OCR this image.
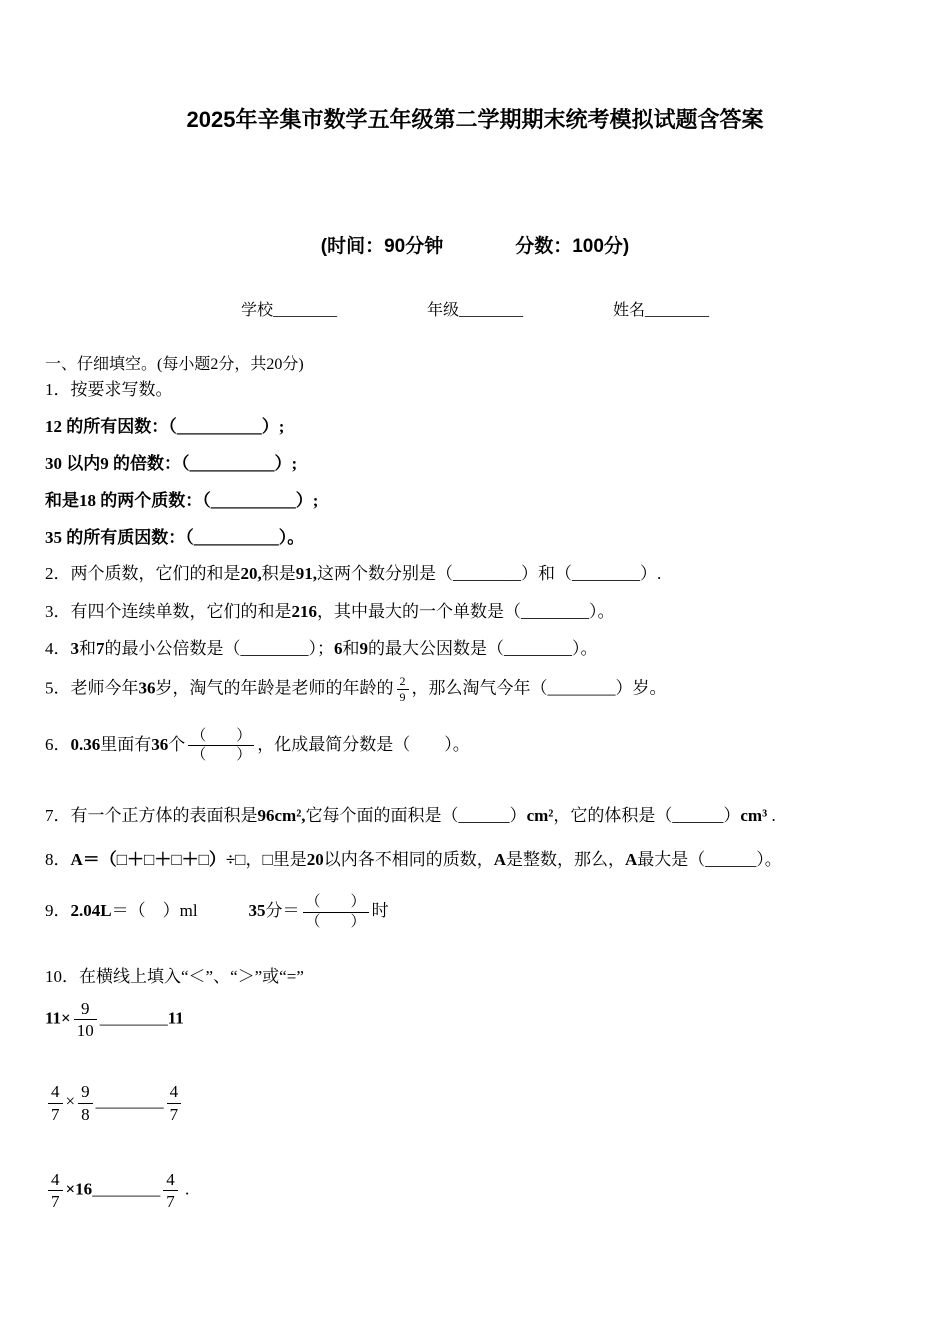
2025年辛集市数学五年级第二学期期末统考模拟试题含答案
(时间：90分钟	分数：100分)
学校________	年级________	姓名________
一、仔细填空。(每小题2分，共20分)
1．按要求写数。
12 的所有因数：（__________）;
30 以内9 的倍数：（__________）;
和是18 的两个质数：（__________）;
35 的所有质因数：（__________）。
2．两个质数，它们的和是20,积是91,这两个数分别是（________）和（________）.
3．有四个连续单数，它们的和是216，其中最大的一个单数是（________）。
4．3和7的最小公倍数是（________）；6和9的最大公因数是（________）。
5．老师今年36岁，淘气的年龄是老师的年龄的 $\frac{2}{9}$ ，那么淘气今年（________）岁。
6．0.36里面有36个 $\frac{( )}{( )}$ ，化成最简分数是（　　）。
7．有一个正方体的表面积是96cm²,它每个面的面积是（______）cm²，它的体积是（______）cm³ .
8．A＝（□＋□＋□＋□）÷□，□里是20以内各不相同的质数，A是整数，那么，A最大是（______）。
9．2.04L＝（　）ml　　　	35分＝ $\frac{( )}{( )}$ 时
10．在横线上填入“＜”、“＞”或“=”
$11\times \frac{9}{10}$ ________11
$\frac{4}{7} \times \frac{9}{8}$ ________ $\frac{4}{7}$
$\frac{4}{7}$ ×16________ $\frac{4}{7}$ .
